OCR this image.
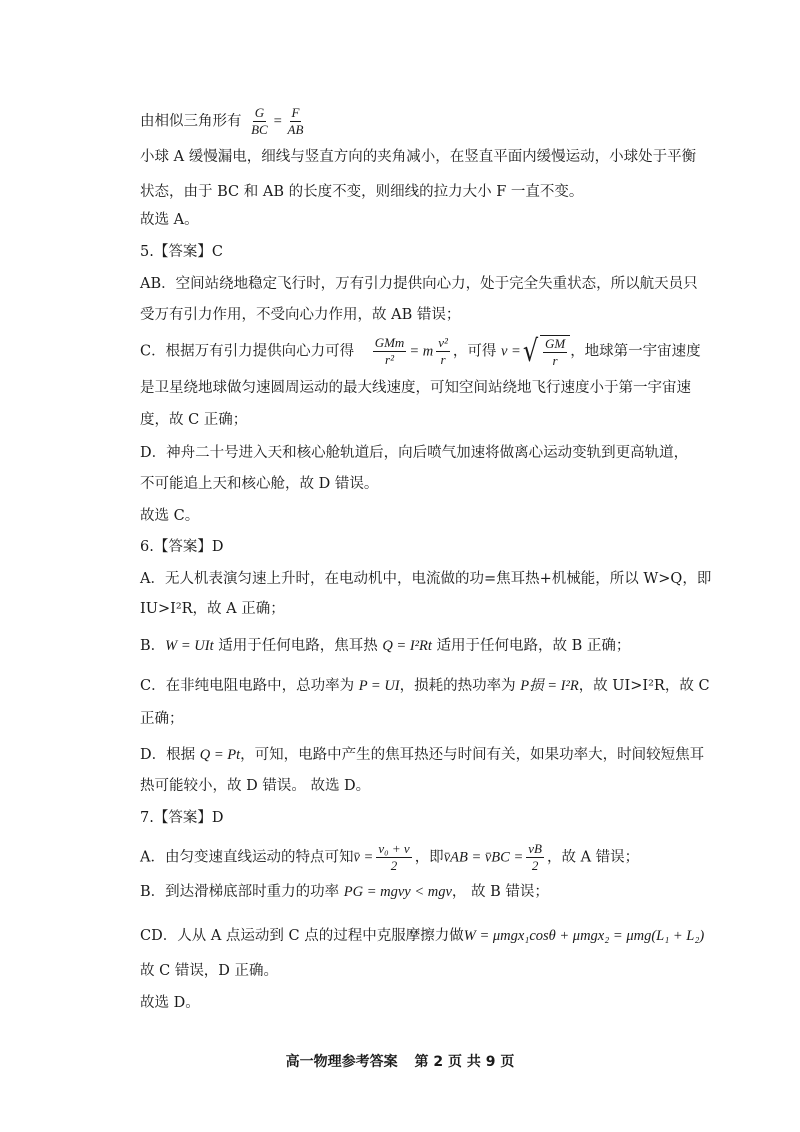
由相似三角形有 $\frac{G}{BC} = \frac{F}{AB}$
小球 A 缓慢漏电，细线与竖直方向的夹角减小，在竖直平面内缓慢运动，小球处于平衡
状态，由于 BC 和 AB 的长度不变，则细线的拉力大小 F 一直不变。
故选 A。
5.【答案】C
AB．空间站绕地稳定飞行时，万有引力提供向心力，处于完全失重状态，所以航天员只
受万有引力作用，不受向心力作用，故 AB 错误；
C．根据万有引力提供向心力可得 $\frac{\text{GMm}}{\text{r²}} = m \frac{\text{v²}}{r}$ ，可得 v = √ $\frac{GM}{r}$ ，地球第一宇宙速度
是卫星绕地球做匀速圆周运动的最大线速度，可知空间站绕地飞行速度小于第一宇宙速
度，故 C 正确；
D．神舟二十号进入天和核心舱轨道后，向后喷气加速将做离心运动变轨到更高轨道，
不可能追上天和核心舱，故 D 错误。
故选 C。
6.【答案】D
A．无人机表演匀速上升时，在电动机中，电流做的功=焦耳热+机械能，所以 W>Q，即
IU>I²R，故 A 正确；
B．W = UIt 适用于任何电路，焦耳热 Q = I²Rt 适用于任何电路，故 B 正确；
C．在非纯电阻电路中，总功率为 P = UI，损耗的热功率为 P损 = I²R，故 UI>I²R，故 C
正确；
D．根据 Q = Pt，可知，电路中产生的焦耳热还与时间有关，如果功率大，时间较短焦耳
热可能较小，故 D 错误。 故选 D。
7.【答案】D
A．由匀变速直线运动的特点可知v̄ = $\frac{\text{v₀ + v}}{2}$ ，即v̄AB = v̄BC = $\frac{vB}{2}$ ，故 A 错误；
B．到达滑梯底部时重力的功率 PG = mgvy < mgv， 故 B 错误；
CD．人从 A 点运动到 C 点的过程中克服摩擦力做W = μmgx₁cosθ + μmgx₂ = μmg(L₁ + L₂)
故 C 错误，D 正确。
故选 D。
高一物理参考答案 第 2 页 共 9 页
